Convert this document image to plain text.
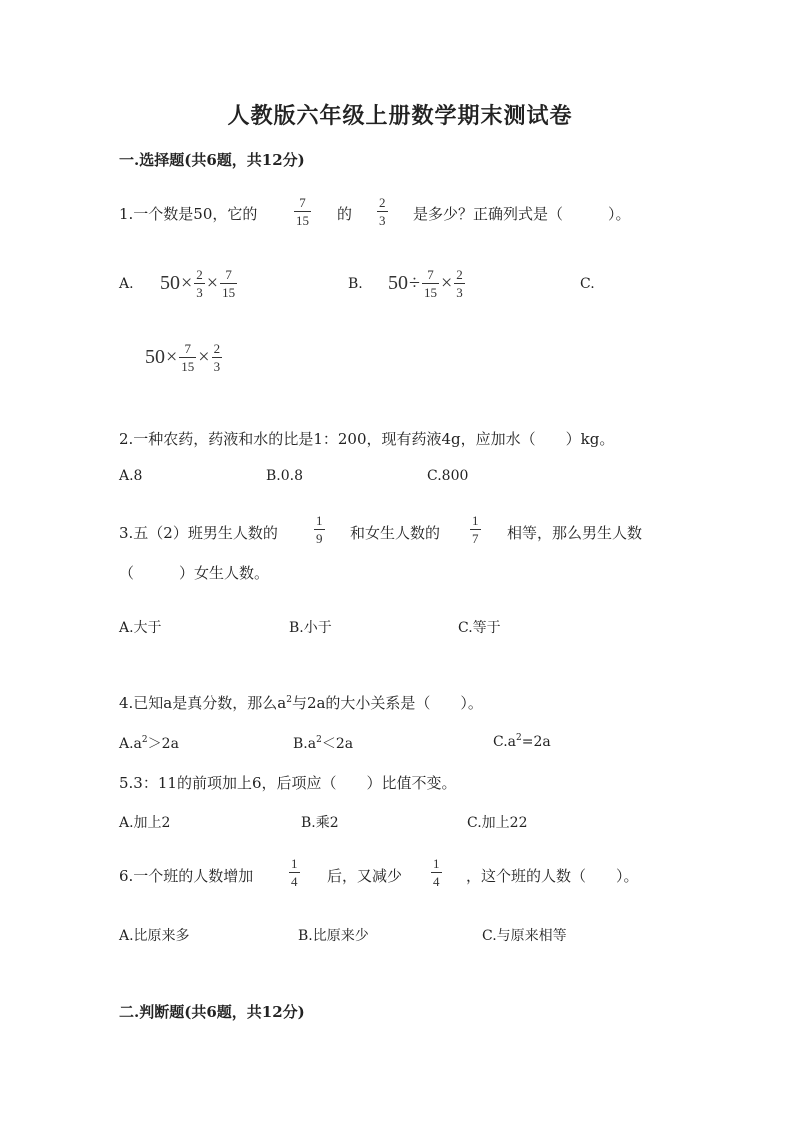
人教版六年级上册数学期末测试卷
一.选择题(共6题，共12分)
1.一个数是50，它的	$\frac{7}{15}$ 的 $\frac{2}{3}$ 是多少？正确列式是（　　　）。
A. $50 \times \frac{2}{3} \times \frac{7}{15}$	B. $50 \div \frac{7}{15} \times \frac{2}{3}$	C.
$50 \times \frac{7}{15} \times \frac{2}{3}$
2.一种农药，药液和水的比是1：200，现有药液4g，应加水（　　）kg。
A.8	B.0.8	C.800
3.五（2）班男生人数的	$\frac{1}{9}$ 和女生人数的 $\frac{1}{7}$ 相等，那么男生人数
（　　　）女生人数。
A.大于	B.小于	C.等于
4.已知a是真分数，那么$a^2$与2a的大小关系是（　　）。
$A.a^2>2a$	$B.a^2<2a$	$C.a^2=2a$
5.3：11的前项加上6，后项应（　　）比值不变。
A.加上2	B.乘2	C.加上22
6.一个班的人数增加	$\frac{1}{4}$ 后，又减少 $\frac{1}{4}$ ，这个班的人数（　　）。
A.比原来多	B.比原来少	C.与原来相等
二.判断题(共6题，共12分)
